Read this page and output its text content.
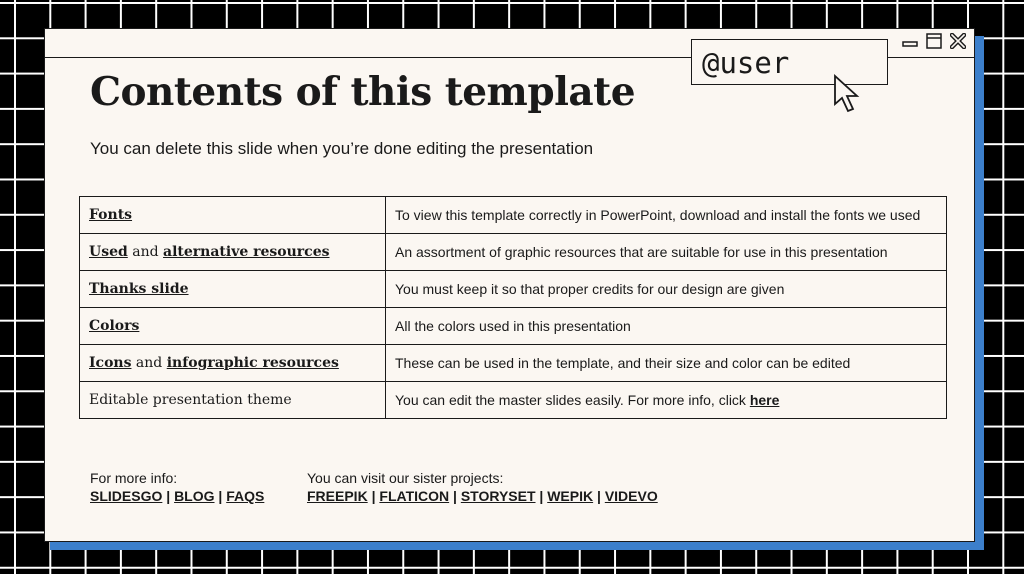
@user
Contents of this template
You can delete this slide when you’re done editing the presentation
Fonts	To view this template correctly in PowerPoint, download and install the fonts we used
Used and alternative resources	An assortment of graphic resources that are suitable for use in this presentation
Thanks slide	You must keep it so that proper credits for our design are given
Colors	All the colors used in this presentation
Icons and infographic resources	These can be used in the template, and their size and color can be edited
Editable presentation theme	You can edit the master slides easily. For more info, click here
For more info:
SLIDESGO | BLOG | FAQS
You can visit our sister projects:
FREEPIK | FLATICON | STORYSET | WEPIK | VIDEVO
